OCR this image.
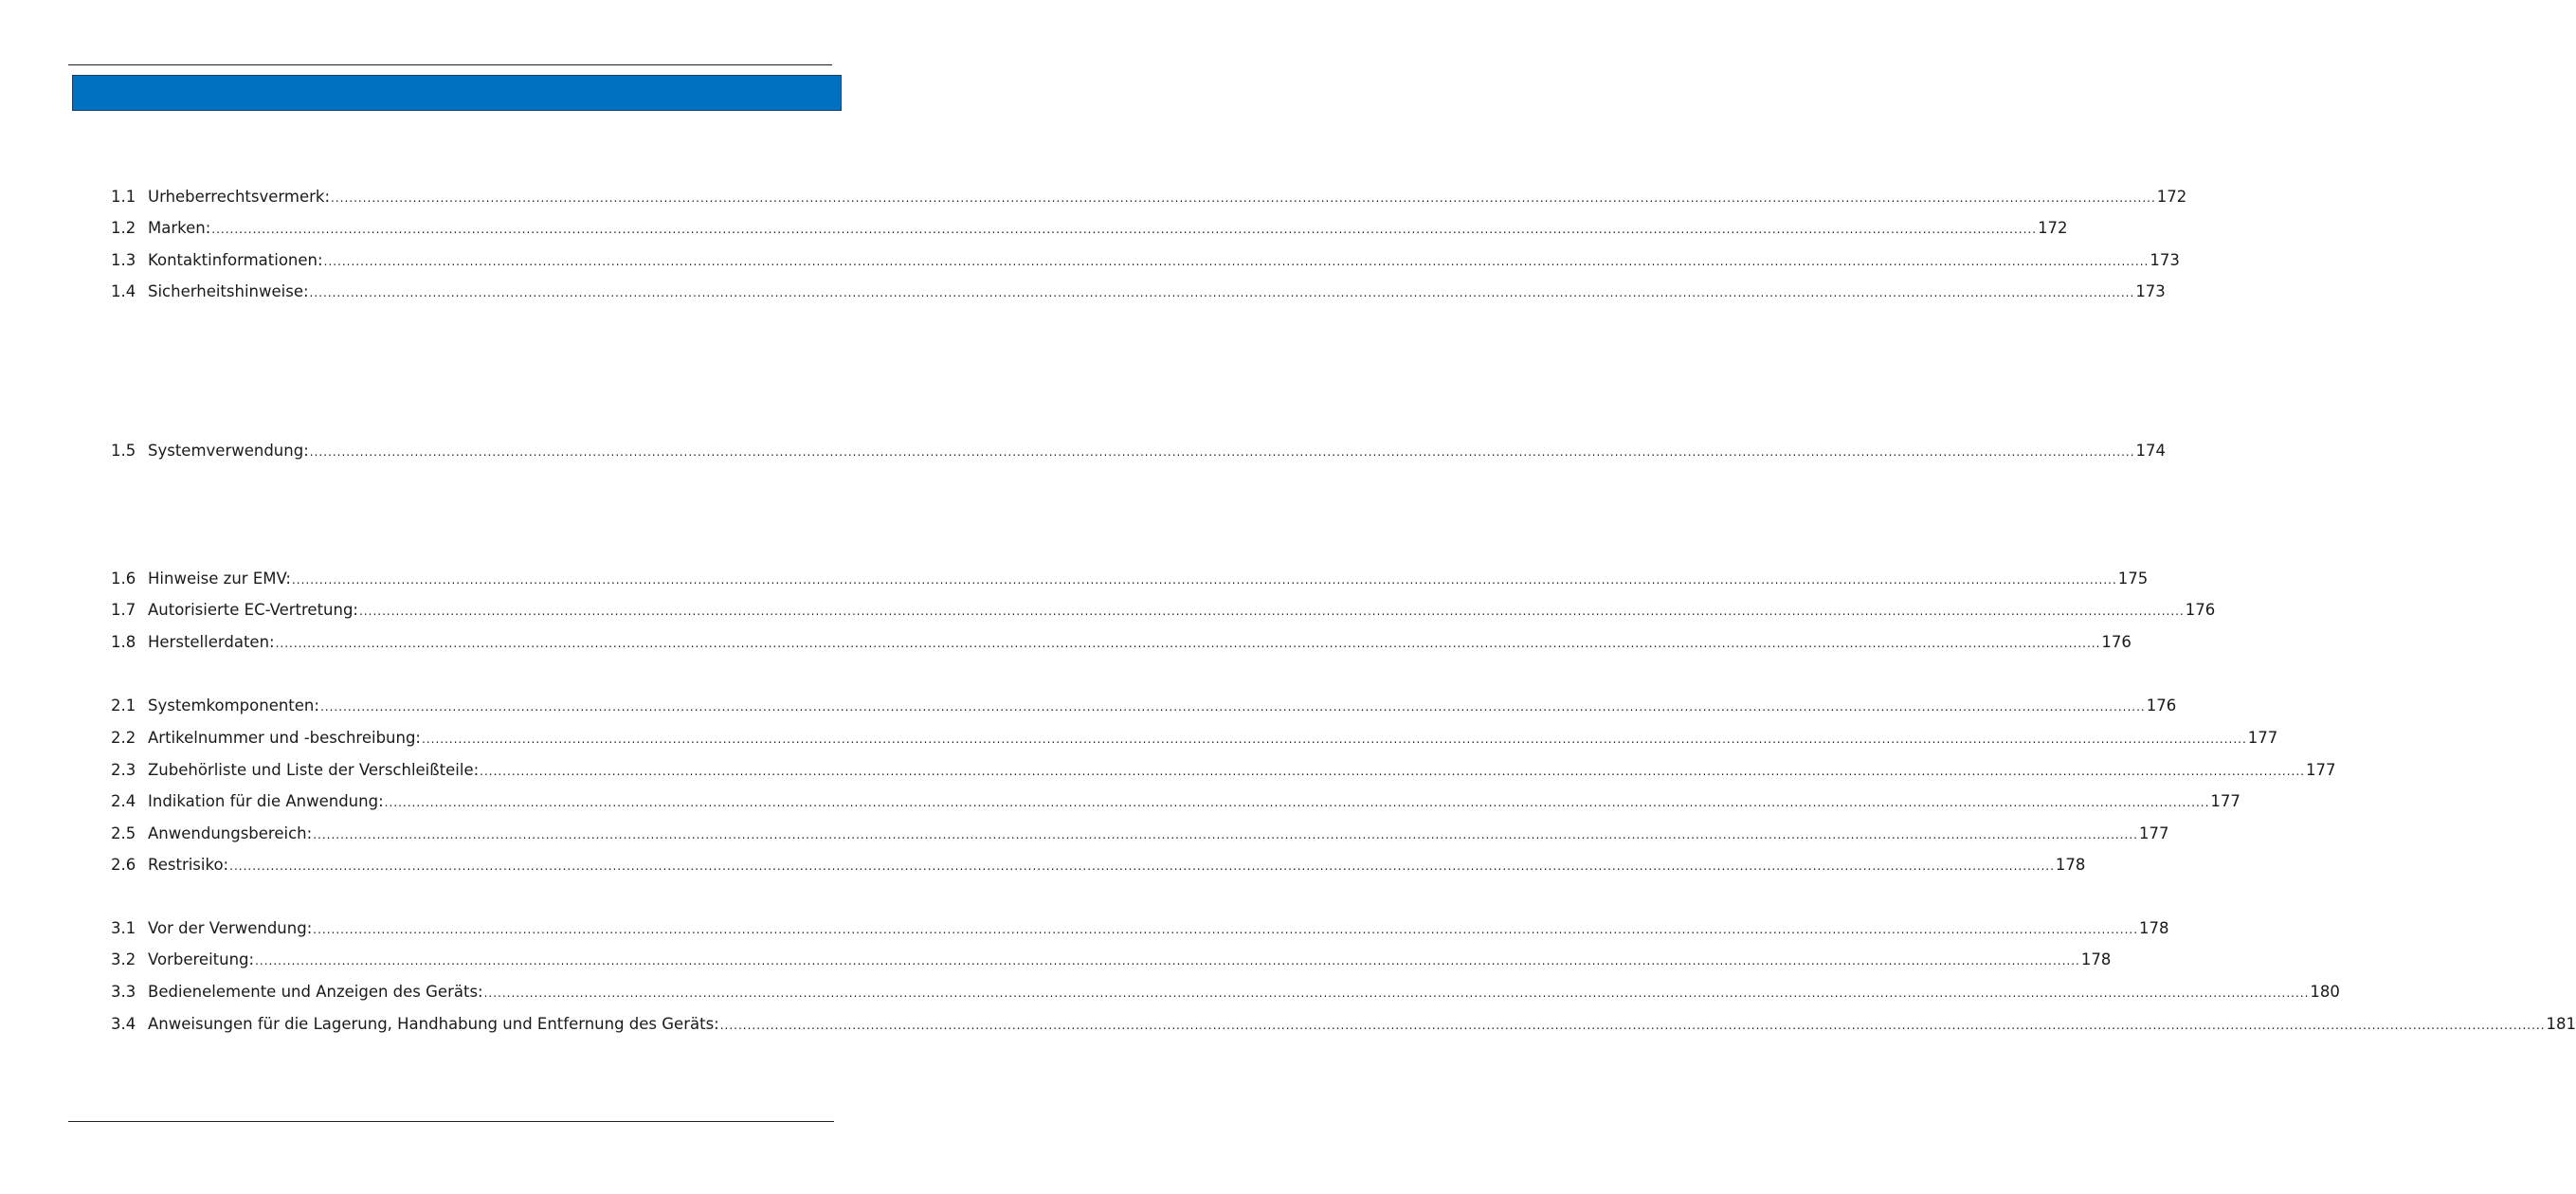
1.1 Urheberrechtsvermerk: ................................................................................................................................................................................................................................................................................................................................................................................................................ 172
1.2 Marken: ................................................................................................................................................................................................................................................................................................................................................................................................................ 172
1.3 Kontaktinformationen: ................................................................................................................................................................................................................................................................................................................................................................................................................ 173
1.4 Sicherheitshinweise: ................................................................................................................................................................................................................................................................................................................................................................................................................ 173
1.5 Systemverwendung: ................................................................................................................................................................................................................................................................................................................................................................................................................ 174
1.6 Hinweise zur EMV: ................................................................................................................................................................................................................................................................................................................................................................................................................ 175
1.7 Autorisierte EC-Vertretung: ................................................................................................................................................................................................................................................................................................................................................................................................................ 176
1.8 Herstellerdaten: ................................................................................................................................................................................................................................................................................................................................................................................................................ 176
2.1 Systemkomponenten: ................................................................................................................................................................................................................................................................................................................................................................................................................ 176
2.2 Artikelnummer und -beschreibung: ................................................................................................................................................................................................................................................................................................................................................................................................................ 177
2.3 Zubehörliste und Liste der Verschleißteile: ................................................................................................................................................................................................................................................................................................................................................................................................................ 177
2.4 Indikation für die Anwendung: ................................................................................................................................................................................................................................................................................................................................................................................................................ 177
2.5 Anwendungsbereich: ................................................................................................................................................................................................................................................................................................................................................................................................................ 177
2.6 Restrisiko: ................................................................................................................................................................................................................................................................................................................................................................................................................ 178
3.1 Vor der Verwendung: ................................................................................................................................................................................................................................................................................................................................................................................................................ 178
3.2 Vorbereitung: ................................................................................................................................................................................................................................................................................................................................................................................................................ 178
3.3 Bedienelemente und Anzeigen des Geräts: ................................................................................................................................................................................................................................................................................................................................................................................................................ 180
3.4 Anweisungen für die Lagerung, Handhabung und Entfernung des Geräts: ................................................................................................................................................................................................................................................................................................................................................................................................................ 181
